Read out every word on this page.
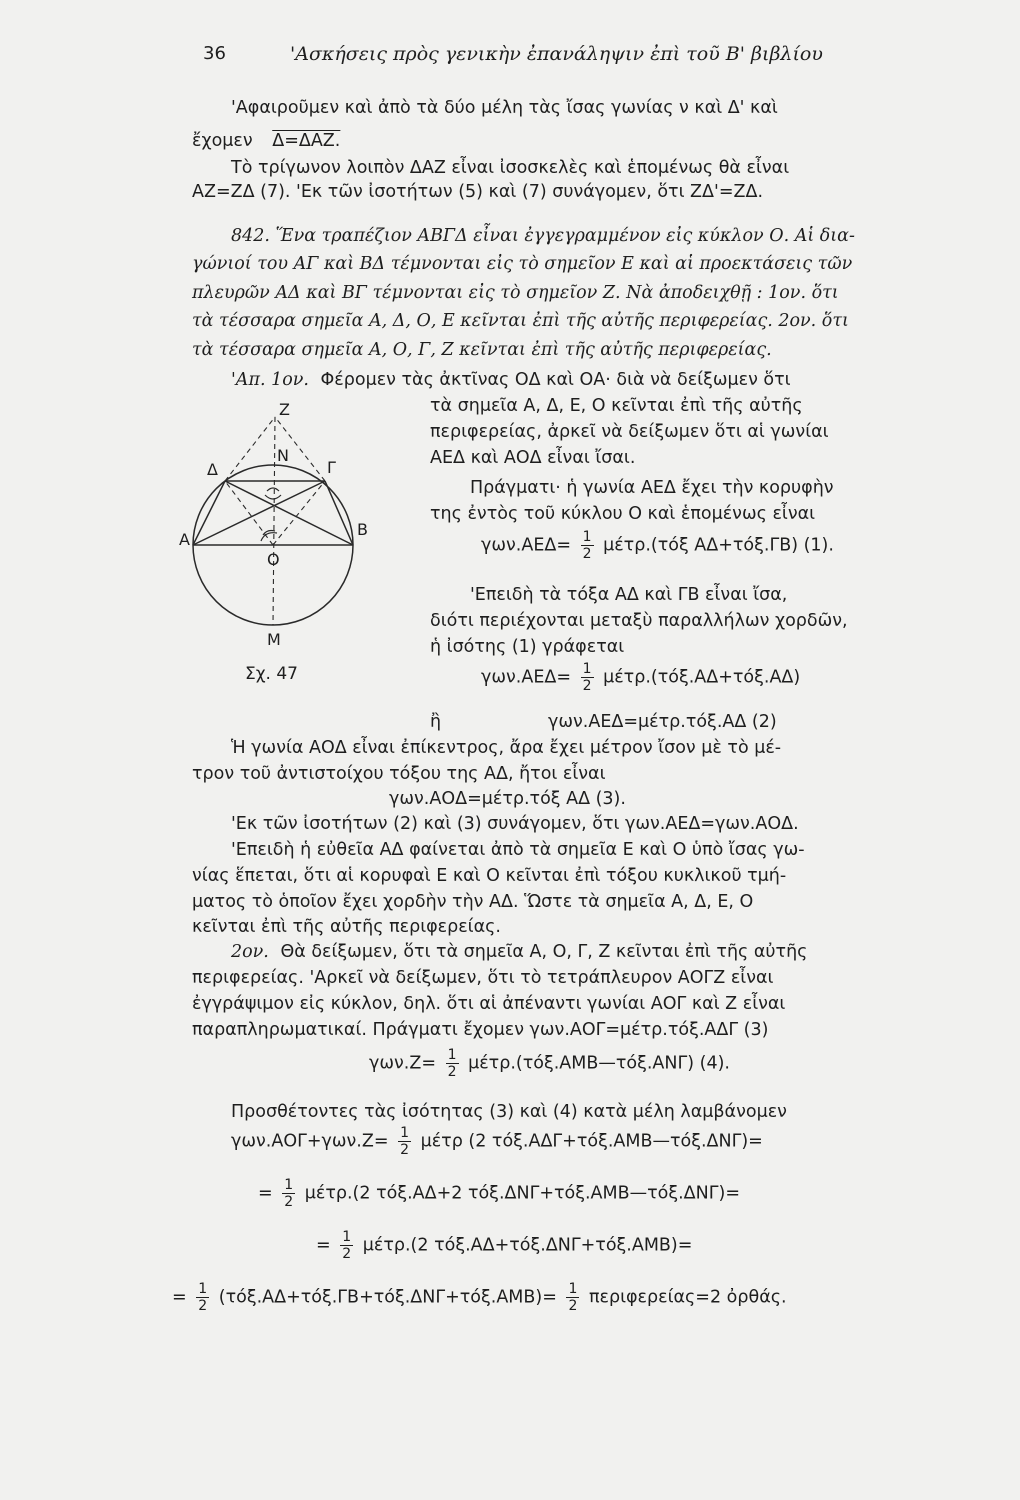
36	'Ασκήσεις πρὸς γενικὴν ἐπανάληψιν ἐπὶ τοῦ Β' βιβλίου
'Αφαιροῦμεν καὶ ἀπὸ τὰ δύο μέλη τὰς ἴσας γωνίας ν καὶ Δ' καὶ
ἔχομεν Δ=ΔΑΖ.
Τὸ τρίγωνον λοιπὸν ΔΑΖ εἶναι ἰσοσκελὲς καὶ ἑπομένως θὰ εἶναι
ΑΖ=ΖΔ (7). 'Εκ τῶν ἰσοτήτων (5) καὶ (7) συνάγομεν, ὅτι ΖΔ'=ΖΔ.
842. Ἕνα τραπέζιον ΑΒΓΔ εἶναι ἐγγεγραμμένον εἰς κύκλον Ο. Αἱ δια-
γώνιοί του ΑΓ καὶ ΒΔ τέμνονται εἰς τὸ σημεῖον Ε καὶ αἱ προεκτάσεις τῶν
πλευρῶν ΑΔ καὶ ΒΓ τέμνονται εἰς τὸ σημεῖον Ζ. Νὰ ἀποδειχθῇ : 1ον. ὅτι
τὰ τέσσαρα σημεῖα Α, Δ, Ο, Ε κεῖνται ἐπὶ τῆς αὐτῆς περιφερείας. 2ον. ὅτι
τὰ τέσσαρα σημεῖα Α, Ο, Γ, Ζ κεῖνται ἐπὶ τῆς αὐτῆς περιφερείας.
'Απ. 1ον. Φέρομεν τὰς ἀκτῖνας ΟΔ καὶ ΟΑ· διὰ νὰ δείξωμεν ὅτι
τὰ σημεῖα Α, Δ, Ε, Ο κεῖνται ἐπὶ τῆς αὐτῆς
περιφερείας, ἀρκεῖ νὰ δείξωμεν ὅτι αἱ γωνίαι
ΑΕΔ καὶ ΑΟΔ εἶναι ἴσαι.
Πράγματι· ἡ γωνία ΑΕΔ ἔχει τὴν κορυφὴν
της ἐντὸς τοῦ κύκλου Ο καὶ ἑπομένως εἶναι
$\gamma\omega\nu.AE\Delta= \frac{1}{2} \mu έ\tau\rho.(\tau ό\xi$ ΑΔ+τόξ.ΓΒ) (1).
'Επειδὴ τὰ τόξα ΑΔ καὶ ΓΒ εἶναι ἴσα,
διότι περιέχονται μεταξὺ παραλλήλων χορδῶν,
ἡ ἰσότης (1) γράφεται
$\gamma\omega\nu.AE\Delta= \frac{1}{2} \mu έ\tau\rho.(\tau ό\xi.A\Delta+\tau ό\xi.A\Delta)$
ἢ	γων.ΑΕΔ=μέτρ.τόξ.ΑΔ (2)
Ἡ γωνία ΑΟΔ εἶναι ἐπίκεντρος, ἄρα ἔχει μέτρον ἴσον μὲ τὸ μέ-
τρον τοῦ ἀντιστοίχου τόξου της ΑΔ, ἤτοι εἶναι
γων.ΑΟΔ=μέτρ.τόξ ΑΔ (3).
'Εκ τῶν ἰσοτήτων (2) καὶ (3) συνάγομεν, ὅτι γων.ΑΕΔ=γων.ΑΟΔ.
'Επειδὴ ἡ εὐθεῖα ΑΔ φαίνεται ἀπὸ τὰ σημεῖα Ε καὶ Ο ὑπὸ ἴσας γω-
νίας ἕπεται, ὅτι αἱ κορυφαὶ Ε καὶ Ο κεῖνται ἐπὶ τόξου κυκλικοῦ τμή-
ματος τὸ ὁποῖον ἔχει χορδὴν τὴν ΑΔ. Ὥστε τὰ σημεῖα Α, Δ, Ε, Ο
κεῖνται ἐπὶ τῆς αὐτῆς περιφερείας.
2ον. Θὰ δείξωμεν, ὅτι τὰ σημεῖα Α, Ο, Γ, Ζ κεῖνται ἐπὶ τῆς αὐτῆς
περιφερείας. 'Αρκεῖ νὰ δείξωμεν, ὅτι τὸ τετράπλευρον ΑΟΓΖ εἶναι
ἐγγράψιμον εἰς κύκλον, δηλ. ὅτι αἱ ἀπέναντι γωνίαι ΑΟΓ καὶ Ζ εἶναι
παραπληρωματικαί. Πράγματι ἔχομεν γων.ΑΟΓ=μέτρ.τόξ.ΑΔΓ (3)
$\gamma\omega\nu.Z= \frac{1}{2}$ μέτρ.(τόξ.ΑΜΒ—τόξ.ΑΝΓ) (4).
Προσθέτοντες τὰς ἰσότητας (3) καὶ (4) κατὰ μέλη λαμβάνομεν
$\gamma\omega\nu.AO\Gamma+\gamma\omega\nu.Z= \frac{1}{2}$ μέτρ (2 τόξ.ΑΔΓ+τόξ.ΑΜΒ—τόξ.ΔΝΓ)=
= $\frac{1}{2} \mu έ\tau\rho.(2$ τόξ.ΑΔ+2 τόξ.ΔΝΓ+τόξ.ΑΜΒ—τόξ.ΔΝΓ)=
= $\frac{1}{2} \mu έ\tau\rho.(2$ τόξ.ΑΔ+τόξ.ΔΝΓ+τόξ.ΑΜΒ)=
= $\frac{1}{2} (\tau ό\xi.A\Delta+\tau ό\xi.\Gamma B+\tau ό\xi.\Delta N\Gamma+\tau ό\xi.AMB)= \frac{1}{2} \pi\varepsilon\rho\iota\varphi\varepsilon\rho\varepsilon ί\alpha\varsigma=2$ ὀρθάς.
Ζ
Ν
Δ	Γ
Α
Β
Ο
Μ
Σχ. 47
